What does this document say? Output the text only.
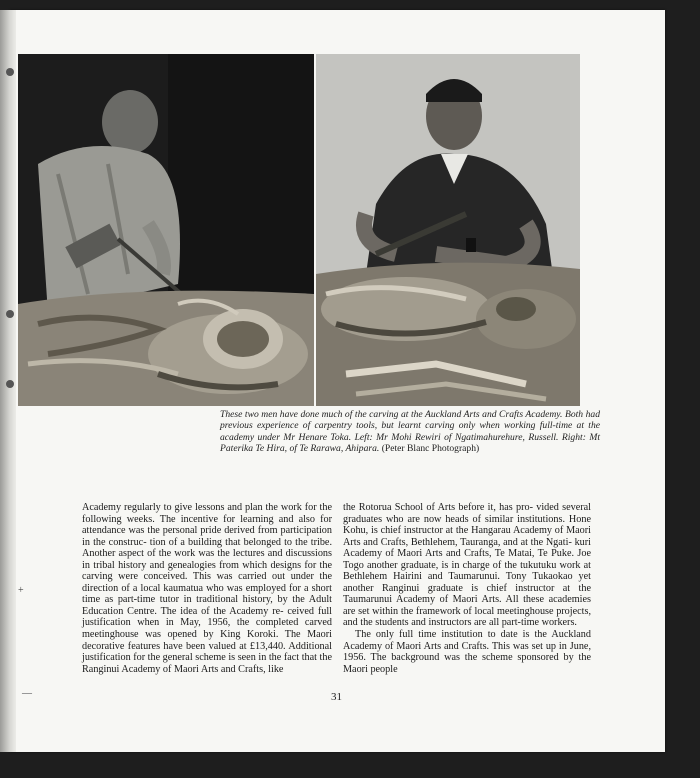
These two men have done much of the carving at the Auckland Arts and Crafts Academy. Both had previous experience of carpentry tools, but learnt carving only when working full-time at the academy under Mr Henare Toka. Left: Mr Mohi Rewiri of Ngatimahurehure, Russell. Right: Mt Paterika Te Hira, of Te Rarawa, Ahipara. (Peter Blanc Photograph)

Academy regularly to give lessons and plan the work for the following weeks. The incentive for learning and also for attendance was the personal pride derived from participation in the construc- tion of a building that belonged to the tribe. Another aspect of the work was the lectures and discussions in tribal history and genealogies from which designs for the carving were conceived. This was carried out under the direction of a local kaumatua who was employed for a short time as part-time tutor in traditional history, by the Adult Education Centre. The idea of the Academy re- ceived full justification when in May, 1956, the completed carved meetinghouse was opened by King Koroki. The Maori decorative features have been valued at £13,440. Additional justification for the general scheme is seen in the fact that the Ranginui Academy of Maori Arts and Crafts, like

the Rotorua School of Arts before it, has pro- vided several graduates who are now heads of similar institutions. Hone Kohu, is chief instructor at the Hangarau Academy of Maori Arts and Crafts, Bethlehem, Tauranga, and at the Ngati- kuri Academy of Maori Arts and Crafts, Te Matai, Te Puke. Joe Togo another graduate, is in charge of the tukutuku work at Bethlehem Hairini and Taumarunui. Tony Tukaokao yet another Ranginui graduate is chief instructor at the Taumarunui Academy of Maori Arts. All these academies are set within the framework of local meetinghouse projects, and the students and instructors are all part-time workers.

The only full time institution to date is the Auckland Academy of Maori Arts and Crafts. This was set up in June, 1956. The background was the scheme sponsored by the Maori people

31
+
—
